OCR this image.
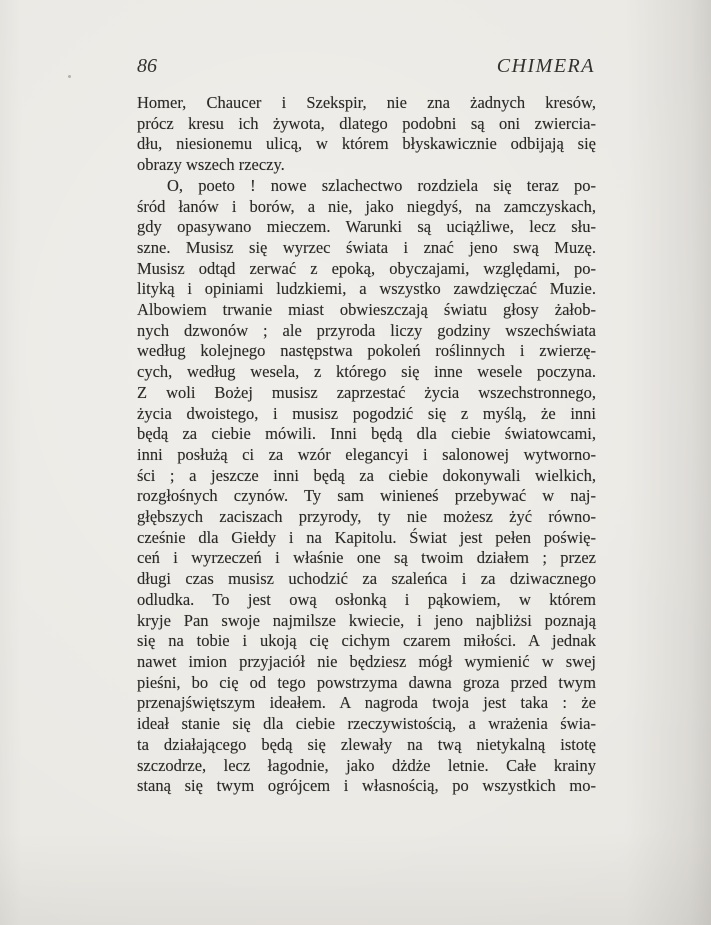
86	CHIMERA
Homer, Chaucer i Szekspir, nie zna żadnych kresów,
prócz kresu ich żywota, dlatego podobni są oni zwiercia-
dłu, niesionemu ulicą, w którem błyskawicznie odbijają się
obrazy wszech rzeczy.
O, poeto ! nowe szlachectwo rozdziela się teraz po-
śród łanów i borów, a nie, jako niegdyś, na zamczyskach,
gdy opasywano mieczem. Warunki są uciążliwe, lecz słu-
szne. Musisz się wyrzec świata i znać jeno swą Muzę.
Musisz odtąd zerwać z epoką, obyczajami, względami, po-
lityką i opiniami ludzkiemi, a wszystko zawdzięczać Muzie.
Albowiem trwanie miast obwieszczają światu głosy żałob-
nych dzwonów ; ale przyroda liczy godziny wszechświata
według kolejnego następstwa pokoleń roślinnych i zwierzę-
cych, według wesela, z którego się inne wesele poczyna.
Z woli Bożej musisz zaprzestać życia wszechstronnego,
życia dwoistego, i musisz pogodzić się z myślą, że inni
będą za ciebie mówili. Inni będą dla ciebie światowcami,
inni posłużą ci za wzór elegancyi i salonowej wytworno-
ści ; a jeszcze inni będą za ciebie dokonywali wielkich,
rozgłośnych czynów. Ty sam winieneś przebywać w naj-
głębszych zaciszach przyrody, ty nie możesz żyć równo-
cześnie dla Giełdy i na Kapitolu. Świat jest pełen poświę-
ceń i wyrzeczeń i właśnie one są twoim działem ; przez
długi czas musisz uchodzić za szaleńca i za dziwacznego
odludka. To jest ową osłonką i pąkowiem, w którem
kryje Pan swoje najmilsze kwiecie, i jeno najbliżsi poznają
się na tobie i ukoją cię cichym czarem miłości. A jednak
nawet imion przyjaciół nie będziesz mógł wymienić w swej
pieśni, bo cię od tego powstrzyma dawna groza przed twym
przenajświętszym ideałem. A nagroda twoja jest taka : że
ideał stanie się dla ciebie rzeczywistością, a wrażenia świa-
ta działającego będą się zlewały na twą nietykalną istotę
szczodrze, lecz łagodnie, jako dżdże letnie. Całe krainy
staną się twym ogrójcem i własnością, po wszystkich mo-
